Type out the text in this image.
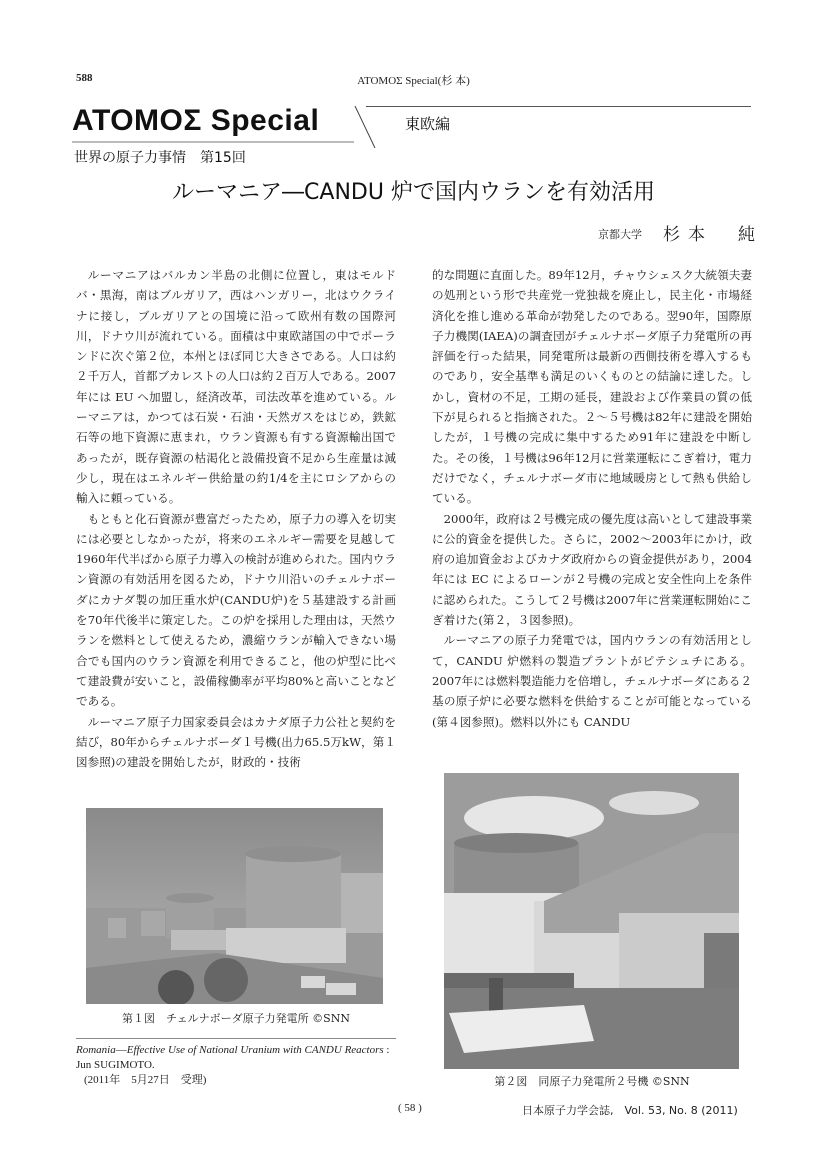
588	ATOMOΣ Special(杉 本)
ATOMOΣ Special	東欧編
世界の原子力事情　第15回
ルーマニア―CANDU 炉で国内ウランを有効活用
京都大学 杉本　純

ルーマニアはバルカン半島の北側に位置し，東はモルドバ・黒海，南はブルガリア，西はハンガリー，北はウクライナに接し，ブルガリアとの国境に沿って欧州有数の国際河川，ドナウ川が流れている。面積は中東欧諸国の中でポーランドに次ぐ第２位，本州とほぼ同じ大きさである。人口は約２千万人，首都ブカレストの人口は約２百万人である。2007年には EU へ加盟し，経済改革，司法改革を進めている。ルーマニアは，かつては石炭・石油・天然ガスをはじめ，鉄鉱石等の地下資源に恵まれ，ウラン資源も有する資源輸出国であったが，既存資源の枯渇化と設備投資不足から生産量は減少し，現在はエネルギー供給量の約1/4を主にロシアからの輸入に頼っている。

もともと化石資源が豊富だったため，原子力の導入を切実には必要としなかったが，将来のエネルギー需要を見越して1960年代半ばから原子力導入の検討が進められた。国内ウラン資源の有効活用を図るため，ドナウ川沿いのチェルナボーダにカナダ製の加圧重水炉(CANDU炉)を５基建設する計画を70年代後半に策定した。この炉を採用した理由は，天然ウランを燃料として使えるため，濃縮ウランが輸入できない場合でも国内のウラン資源を利用できること，他の炉型に比べて建設費が安いこと，設備稼働率が平均80%と高いことなどである。

ルーマニア原子力国家委員会はカナダ原子力公社と契約を結び，80年からチェルナボーダ１号機(出力65.5万kW，第１図参照)の建設を開始したが，財政的・技術

的な問題に直面した。89年12月，チャウシェスク大統領夫妻の処刑という形で共産党一党独裁を廃止し，民主化・市場経済化を推し進める革命が勃発したのである。翌90年，国際原子力機関(IAEA)の調査団がチェルナボーダ原子力発電所の再評価を行った結果，同発電所は最新の西側技術を導入するものであり，安全基準も満足のいくものとの結論に達した。しかし，資材の不足，工期の延長，建設および作業員の質の低下が見られると指摘された。２～５号機は82年に建設を開始したが，１号機の完成に集中するため91年に建設を中断した。その後，１号機は96年12月に営業運転にこぎ着け，電力だけでなく，チェルナボーダ市に地域暖房として熱も供給している。

2000年，政府は２号機完成の優先度は高いとして建設事業に公的資金を提供した。さらに，2002～2003年にかけ，政府の追加資金およびカナダ政府からの資金提供があり，2004年には EC によるローンが２号機の完成と安全性向上を条件に認められた。こうして２号機は2007年に営業運転開始にこぎ着けた(第２，３図参照)。

ルーマニアの原子力発電では，国内ウランの有効活用として，CANDU 炉燃料の製造プラントがピテシュチにある。2007年には燃料製造能力を倍増し，チェルナボーダにある２基の原子炉に必要な燃料を供給することが可能となっている(第４図参照)。燃料以外にも CANDU

第１図　チェルナボーダ原子力発電所 ©SNN
第２図　同原子力発電所２号機 ©SNN
Romania―Effective Use of National Uranium with CANDU Reactors : Jun SUGIMOTO.
(2011年　5月27日　受理)
( 58 )	日本原子力学会誌,　Vol. 53, No. 8 (2011)
